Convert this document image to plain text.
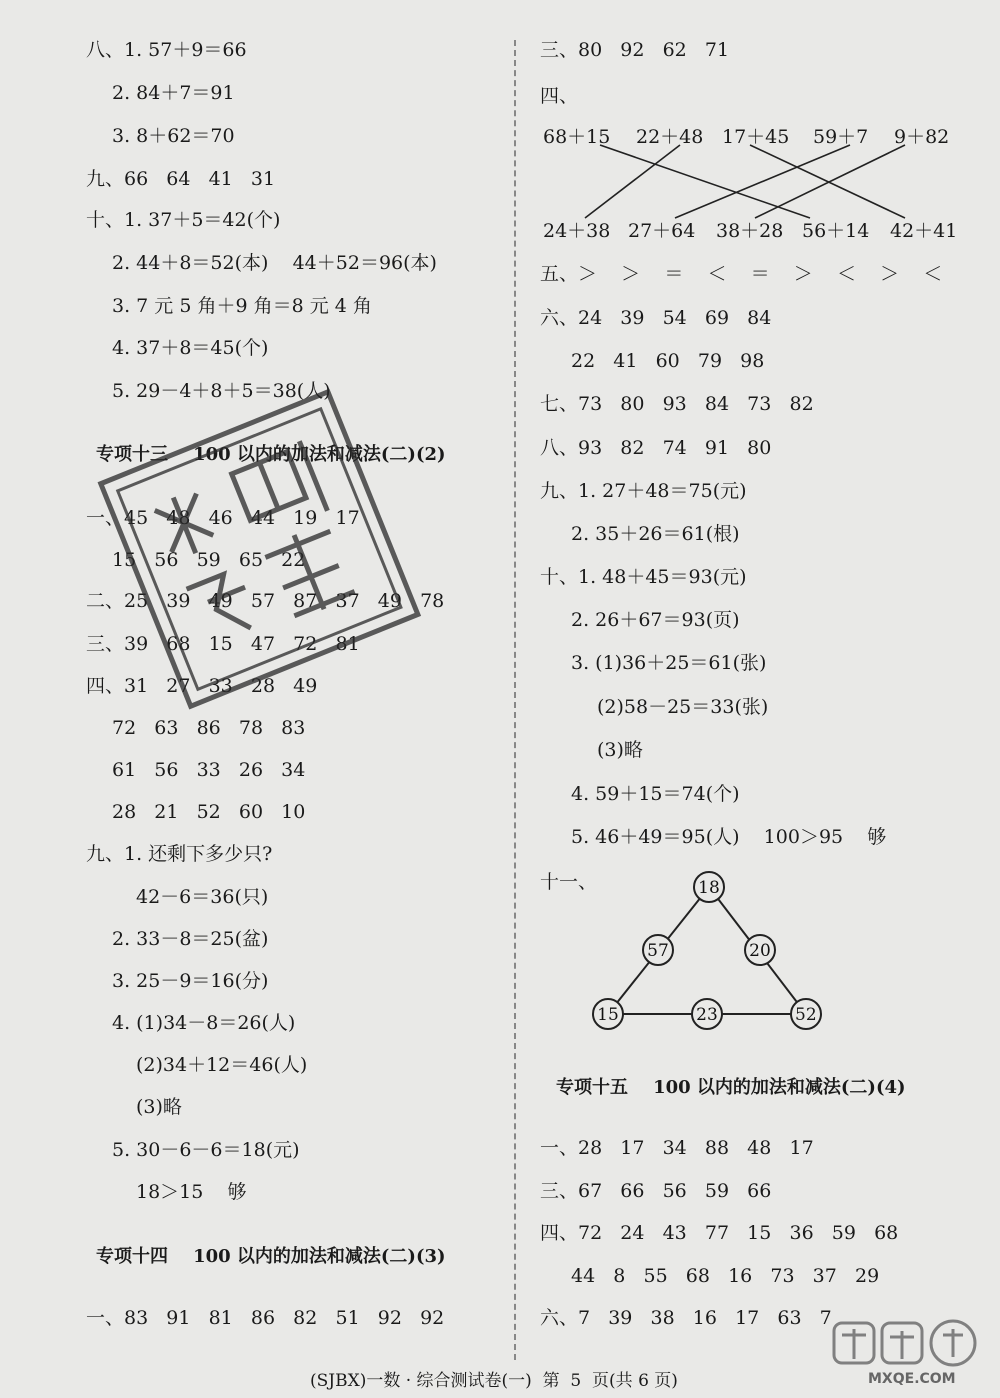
八、1. 57＋9＝66
2. 84＋7＝91
3. 8＋62＝70
九、66   64   41   31
十、1. 37＋5＝42(个)
2. 44＋8＝52(本)    44＋52＝96(本)
3. 7 元 5 角＋9 角＝8 元 4 角
4. 37＋8＝45(个)
5. 29－4＋8＋5＝38(人)
专项十三    100 以内的加法和减法(二)(2)
一、45   48   46   44   19   17
15   56   59   65   22
二、25   39   49   57   87   37   49   78
三、39   68   15   47   72   81
四、31   27   33   28   49
72   63   86   78   83
61   56   33   26   34
28   21   52   60   10
九、1. 还剩下多少只?
42－6＝36(只)
2. 33－8＝25(盆)
3. 25－9＝16(分)
4. (1)34－8＝26(人)
(2)34＋12＝46(人)
(3)略
5. 30－6－6＝18(元)
18＞15    够
专项十四    100 以内的加法和减法(二)(3)
一、83   91   81   86   82   51   92   92
三、80   92   62   71
四、
68＋15 22＋48 17＋45 59＋7 9＋82
24＋38 27＋64 38＋28 56＋14 42＋41
五、＞    ＞    ＝    ＜    ＝    ＞    ＜    ＞    ＜
六、24   39   54   69   84
22   41   60   79   98
七、73   80   93   84   73   82
八、93   82   74   91   80
九、1. 27＋48＝75(元)
2. 35＋26＝61(根)
十、1. 48＋45＝93(元)
2. 26＋67＝93(页)
3. (1)36＋25＝61(张)
(2)58－25＝33(张)
(3)略
4. 59＋15＝74(个)
5. 46＋49＝95(人)    100＞95    够
十一、	18
57	20
15	23	52
专项十五    100 以内的加法和减法(二)(4)
一、28   17   34   88   48   17
三、67   66   56   59   66
四、72   24   43   77   15   36   59   68
44   8   55   68   16   73   37   29
六、7   39   38   16   17   63   7
MXQE.COM
(SJBX)一数 · 综合测试卷(一)  第  5  页(共 6 页)
